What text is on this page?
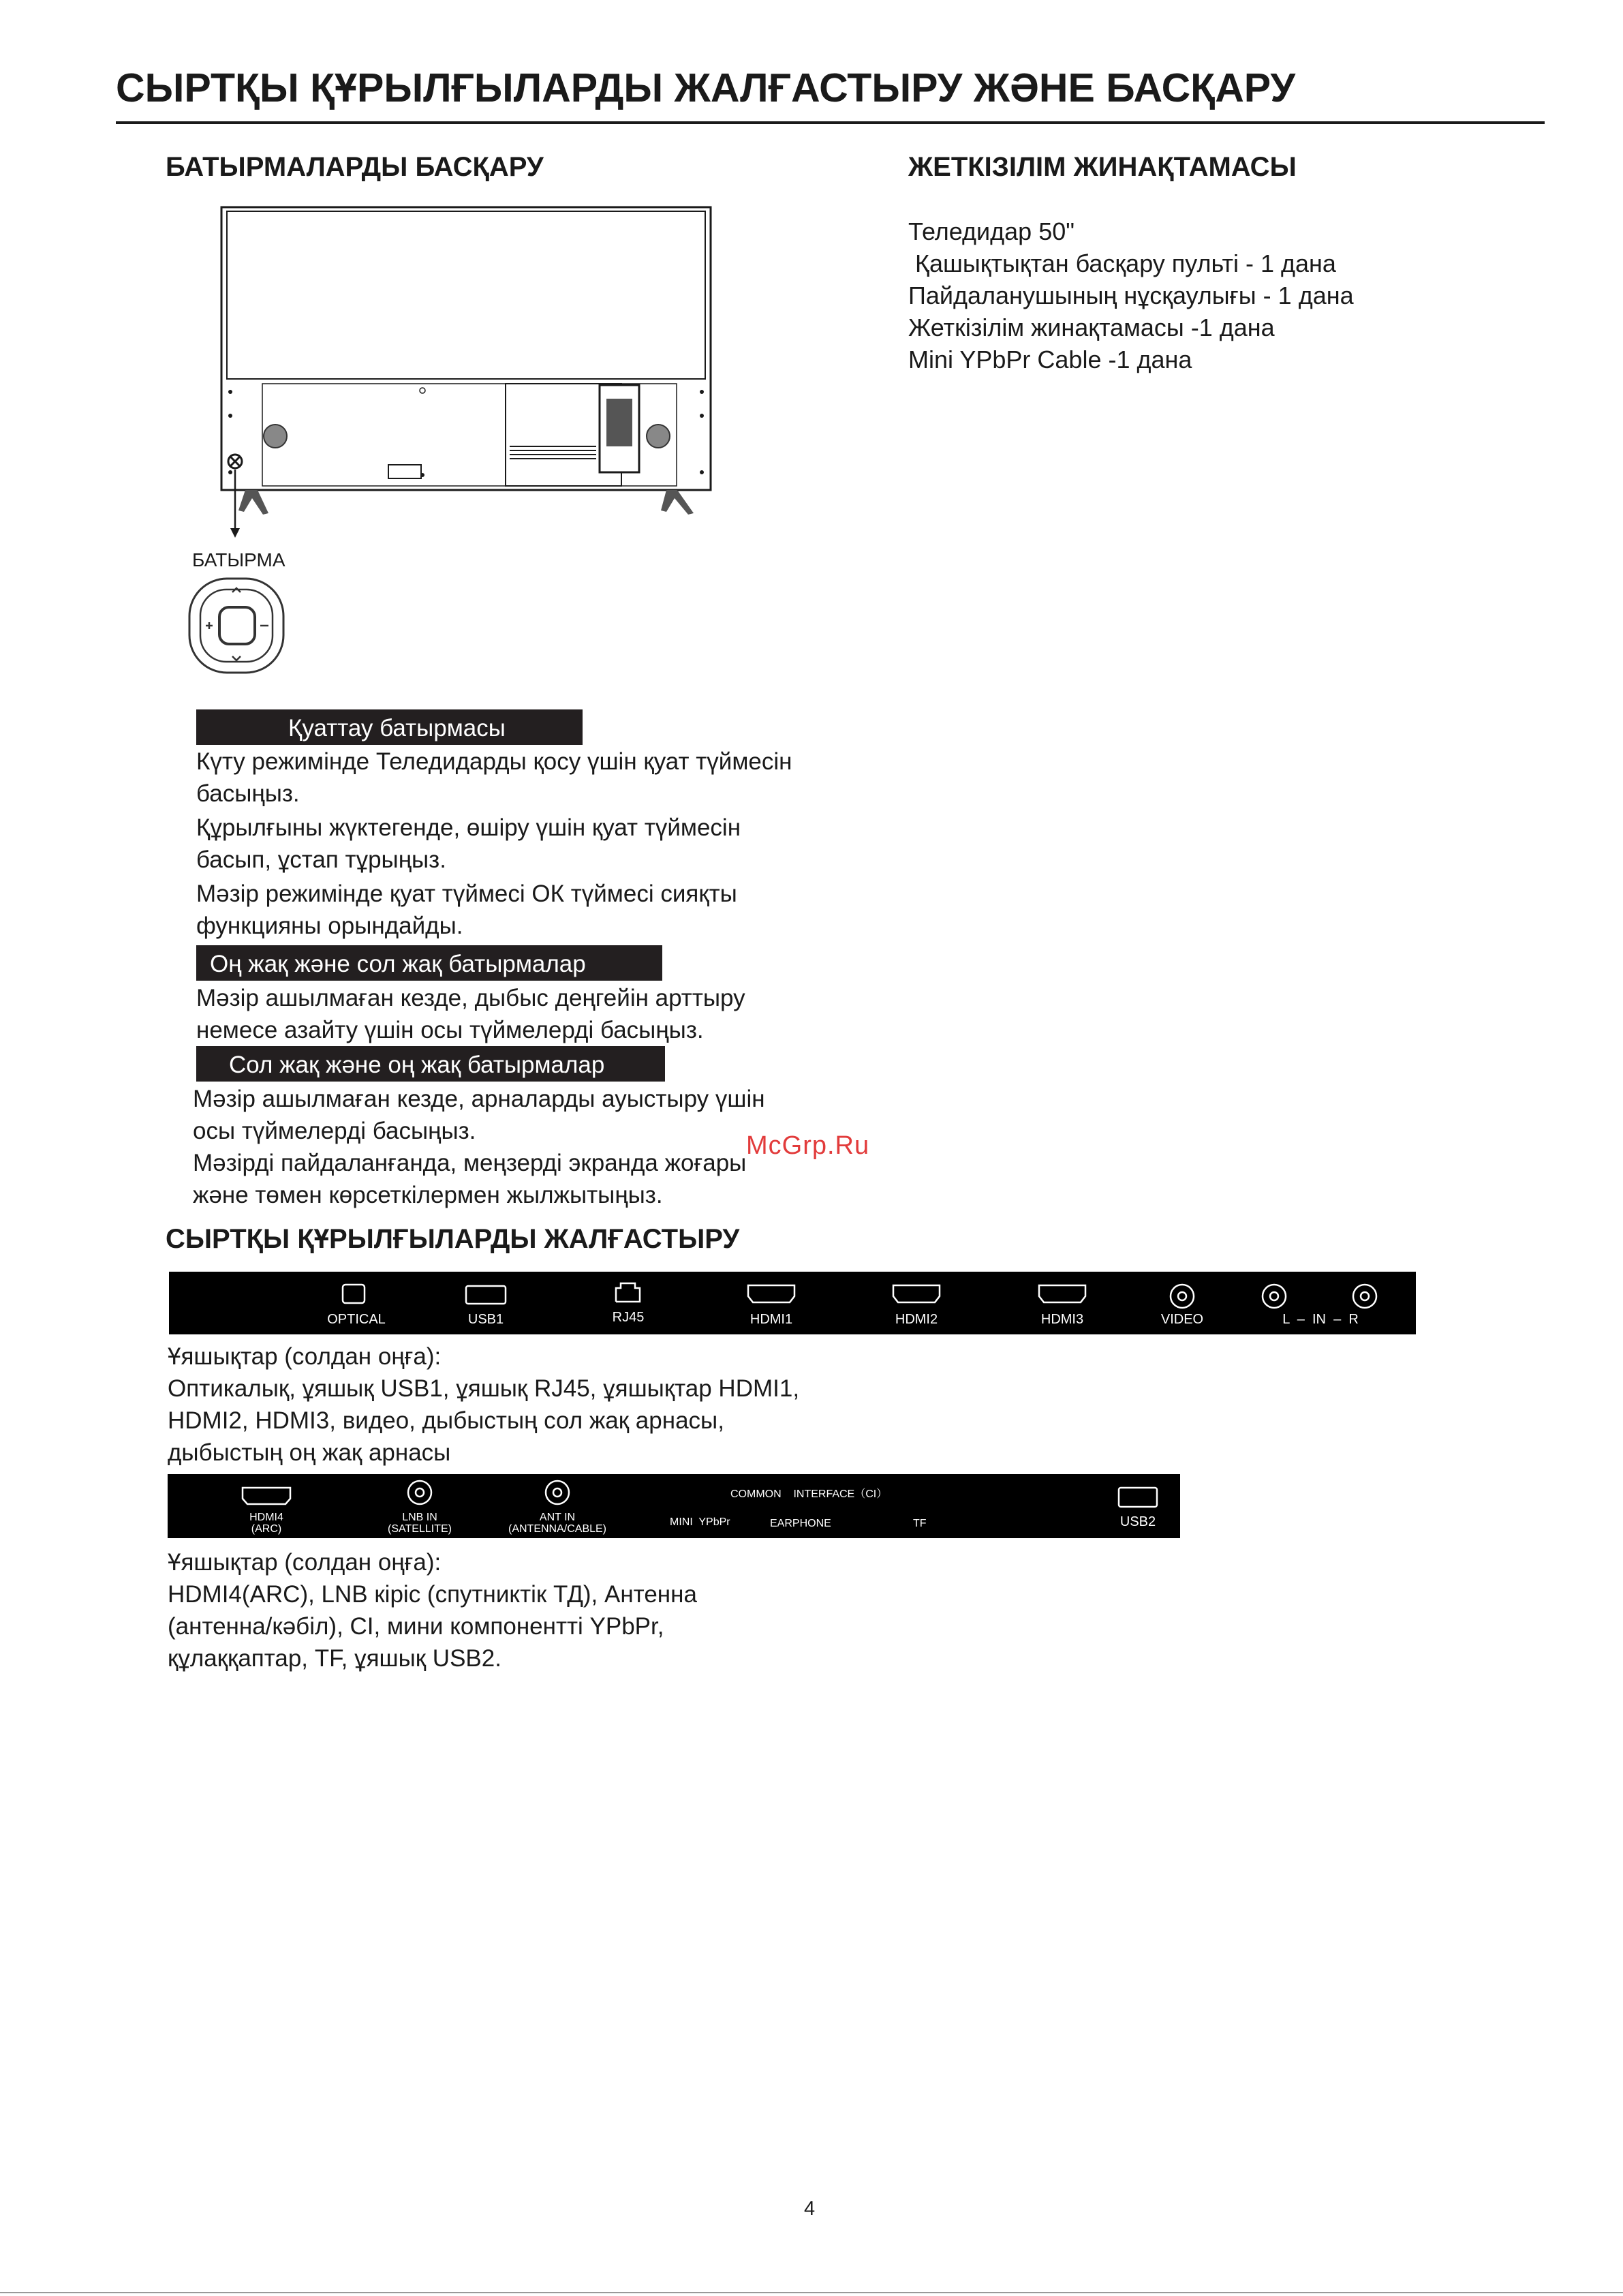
СЫРТҚЫ ҚҰРЫЛҒЫЛАРДЫ ЖАЛҒАСТЫРУ ЖӘНЕ БАСҚАРУ
БАТЫРМАЛАРДЫ БАСҚАРУ
БАТЫРМА
Қуаттау батырмасы
Күту режимінде Теледидарды қосу үшін қуат түймесін
басыңыз.
Құрылғыны жүктегенде, өшіру үшін қуат түймесін
басып, ұстап тұрыңыз.
Мәзір режимінде қуат түймесі ОК түймесі сияқты
функцияны орындайды.
Оң жақ және сол жақ батырмалар
Мәзір ашылмаған кезде, дыбыс деңгейін арттыру
немесе азайту үшін осы түймелерді басыңыз.
Сол жақ және оң жақ батырмалар
Мәзір ашылмаған кезде, арналарды ауыстыру үшін
осы түймелерді басыңыз.
Мәзірді пайдаланғанда, меңзерді экранда жоғары
және төмен көрсеткілермен жылжытыңыз.
ЖЕТКІЗІЛІМ ЖИНАҚТАМАСЫ
Теледидар 50"
Қашықтықтан басқару пульті - 1 дана
Пайдаланушының нұсқаулығы - 1 дана
Жеткізілім жинақтамасы -1 дана
Mini YPbPr Cable -1 дана
McGrp.Ru
СЫРТҚЫ ҚҰРЫЛҒЫЛАРДЫ ЖАЛҒАСТЫРУ
OPTICAL	USB1	RJ45	HDMI1	HDMI2	HDMI3	VIDEO	L  –  IN  –  R
Ұяшықтар (солдан оңға):
Оптикалық, ұяшық USB1, ұяшық RJ45, ұяшықтар HDMI1,
HDMI2, HDMI3, видео, дыбыстың сол жақ арнасы,
дыбыстың оң жақ арнасы
HDMI4
(ARC)
LNB IN
(SATELLITE)
ANT IN
(ANTENNA/CABLE)
COMMON    INTERFACE（CI）
MINI  YPbPr	EARPHONE	TF	USB2
Ұяшықтар (солдан оңға):
HDMI4(ARC), LNB кіріс (спутниктік ТД), Антенна
(антенна/кәбіл), CI, мини компонентті YPbPr,
құлаққаптар, TF, ұяшық USB2.
4
